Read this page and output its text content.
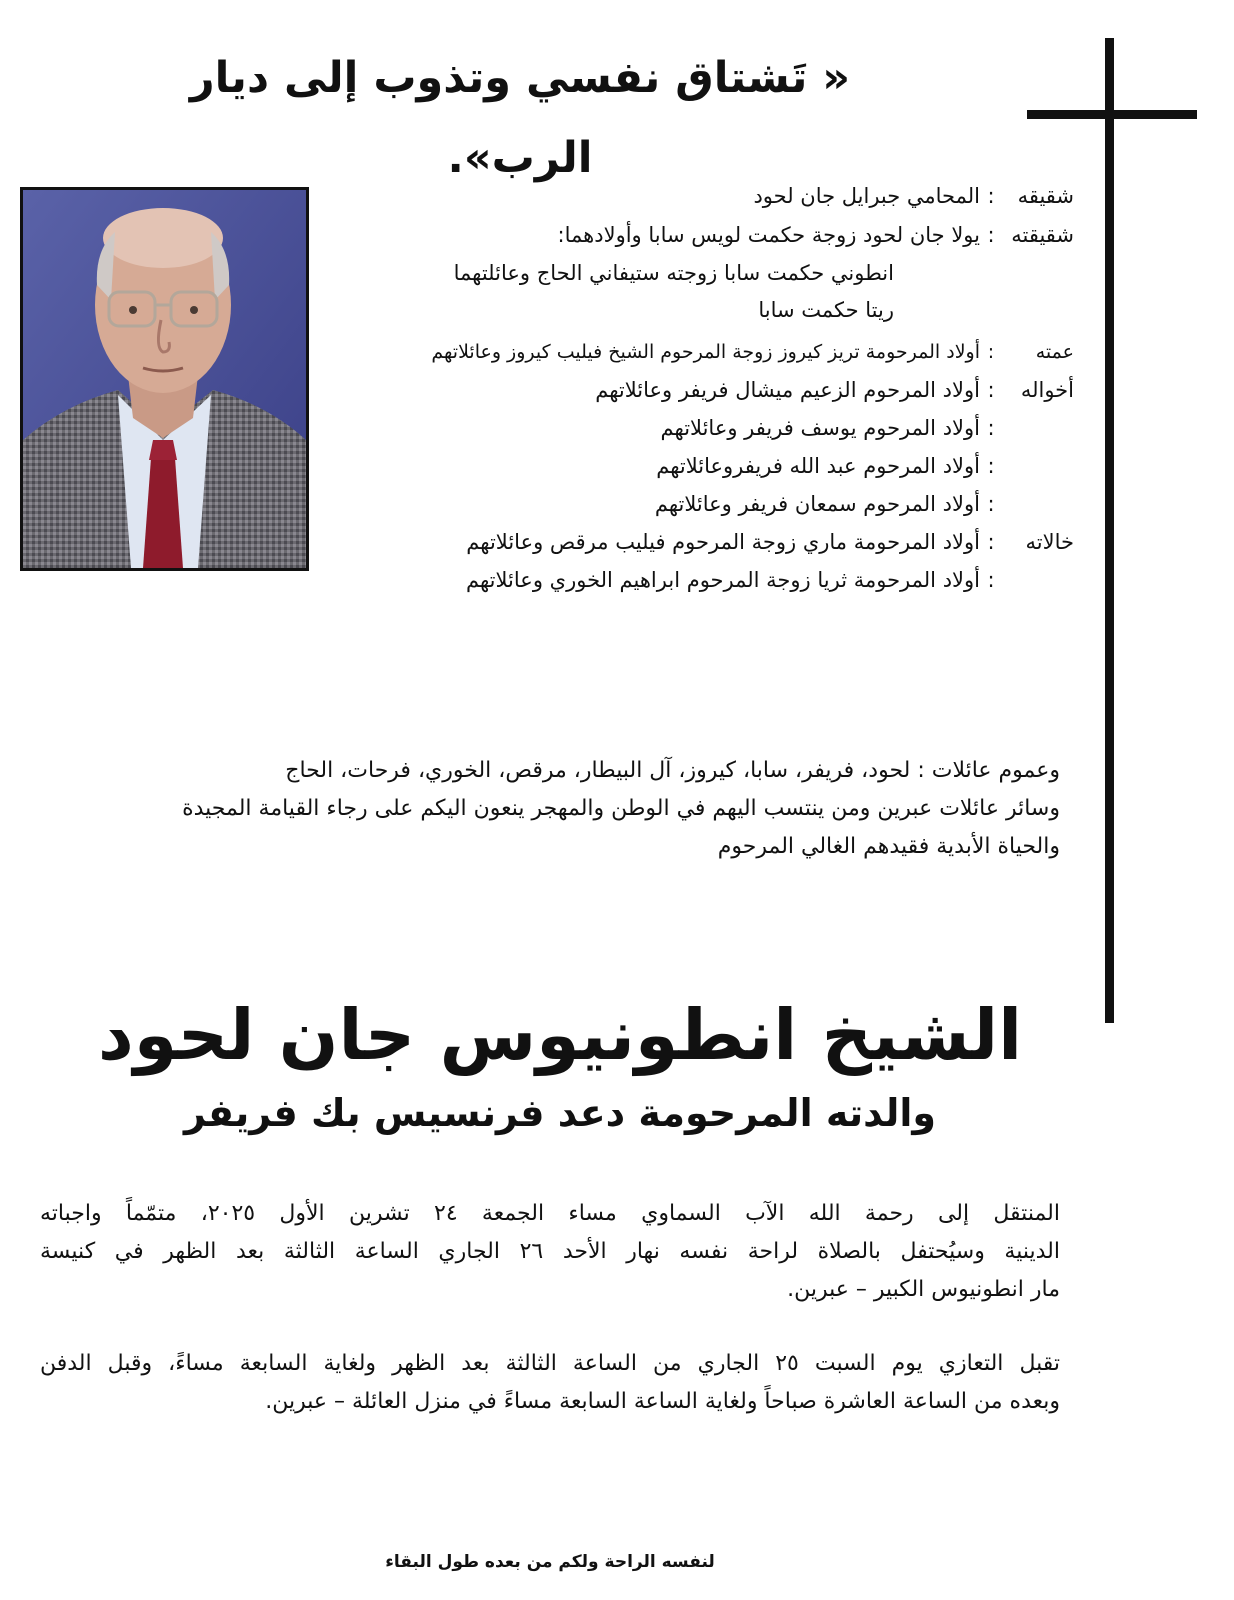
« تَشتاق نفسي وتذوب إلى ديار الرب».
شقيقه:المحامي جبرايل جان لحود
شقيقته:يولا جان لحود زوجة حكمت لويس سابا وأولادهما:
انطوني حكمت سابا زوجته ستيفاني الحاج وعائلتهما
ريتا حكمت سابا
عمته:أولاد المرحومة تريز كيروز زوجة المرحوم الشيخ فيليب كيروز وعائلاتهم
أخواله:أولاد المرحوم الزعيم ميشال فريفر وعائلاتهم
:أولاد المرحوم يوسف فريفر وعائلاتهم
:أولاد المرحوم عبد الله فريفروعائلاتهم
:أولاد المرحوم سمعان فريفر وعائلاتهم
خالاته:أولاد المرحومة ماري زوجة المرحوم فيليب مرقص وعائلاتهم
:أولاد المرحومة ثريا زوجة المرحوم ابراهيم الخوري وعائلاتهم

وعموم عائلات : لحود، فريفر، سابا، كيروز، آل البيطار، مرقص، الخوري، فرحات، الحاج
وسائر عائلات عبرين ومن ينتسب اليهم في الوطن والمهجر ينعون اليكم على رجاء القيامة المجيدة
والحياة الأبدية فقيدهم الغالي المرحوم

الشيخ انطونيوس جان لحود
والدته المرحومة دعد فرنسيس بك فريفر

المنتقل إلى رحمة الله الآب السماوي مساء الجمعة ٢٤ تشرين الأول ٢٠٢٥، متمّماً واجباته
الدينية وسيُحتفل بالصلاة لراحة نفسه نهار الأحد ٢٦ الجاري الساعة الثالثة بعد الظهر في كنيسة
مار انطونيوس الكبير – عبرين.

تقبل التعازي يوم السبت ٢٥ الجاري من الساعة الثالثة بعد الظهر ولغاية السابعة مساءً، وقبل الدفن
وبعده من الساعة العاشرة صباحاً ولغاية الساعة السابعة مساءً في منزل العائلة – عبرين.

لنفسه الراحة ولكم من بعده طول البقاء
